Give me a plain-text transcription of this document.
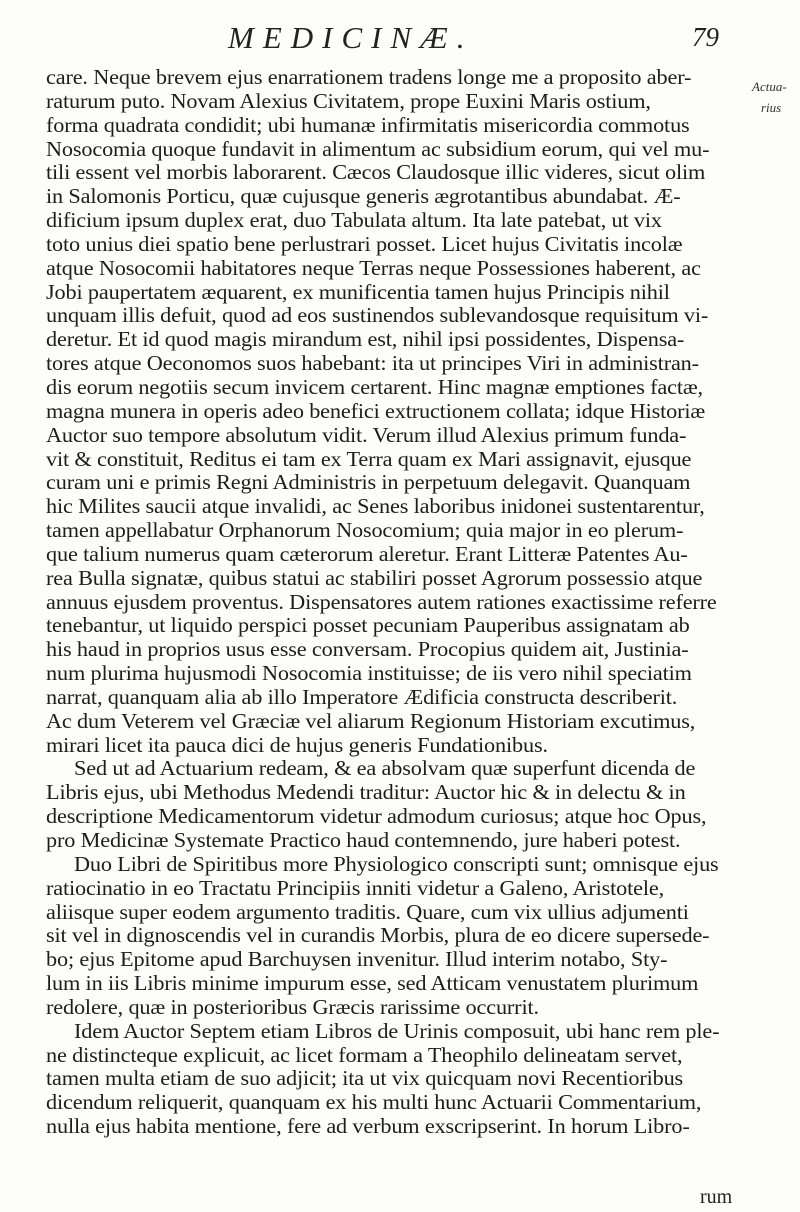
MEDICINÆ.	79
Actua-
rius
care. Neque brevem ejus enarrationem tradens longe me a proposito aber-
raturum puto. Novam Alexius Civitatem, prope Euxini Maris ostium,
forma quadrata condidit; ubi humanæ infirmitatis misericordia commotus
Nosocomia quoque fundavit in alimentum ac subsidium eorum, qui vel mu-
tili essent vel morbis laborarent. Cæcos Claudosque illic videres, sicut olim
in Salomonis Porticu, quæ cujusque generis ægrotantibus abundabat. Æ-
dificium ipsum duplex erat, duo Tabulata altum. Ita late patebat, ut vix
toto unius diei spatio bene perlustrari posset. Licet hujus Civitatis incolæ
atque Nosocomii habitatores neque Terras neque Possessiones haberent, ac
Jobi paupertatem æquarent, ex munificentia tamen hujus Principis nihil
unquam illis defuit, quod ad eos sustinendos sublevandosque requisitum vi-
deretur. Et id quod magis mirandum est, nihil ipsi possidentes, Dispensa-
tores atque Oeconomos suos habebant: ita ut principes Viri in administran-
dis eorum negotiis secum invicem certarent. Hinc magnæ emptiones factæ,
magna munera in operis adeo benefici extructionem collata; idque Historiæ
Auctor suo tempore absolutum vidit. Verum illud Alexius primum funda-
vit & constituit, Reditus ei tam ex Terra quam ex Mari assignavit, ejusque
curam uni e primis Regni Administris in perpetuum delegavit. Quanquam
hic Milites saucii atque invalidi, ac Senes laboribus inidonei sustentarentur,
tamen appellabatur Orphanorum Nosocomium; quia major in eo plerum-
que talium numerus quam cæterorum aleretur. Erant Litteræ Patentes Au-
rea Bulla signatæ, quibus statui ac stabiliri posset Agrorum possessio atque
annuus ejusdem proventus. Dispensatores autem rationes exactissime referre
tenebantur, ut liquido perspici posset pecuniam Pauperibus assignatam ab
his haud in proprios usus esse conversam. Procopius quidem ait, Justinia-
num plurima hujusmodi Nosocomia instituisse; de iis vero nihil speciatim
narrat, quanquam alia ab illo Imperatore Ædificia constructa describerit.
Ac dum Veterem vel Græciæ vel aliarum Regionum Historiam excutimus,
mirari licet ita pauca dici de hujus generis Fundationibus.
Sed ut ad Actuarium redeam, & ea absolvam quæ superfunt dicenda de
Libris ejus, ubi Methodus Medendi traditur: Auctor hic & in delectu & in
descriptione Medicamentorum videtur admodum curiosus; atque hoc Opus,
pro Medicinæ Systemate Practico haud contemnendo, jure haberi potest.
Duo Libri de Spiritibus more Physiologico conscripti sunt; omnisque ejus
ratiocinatio in eo Tractatu Principiis inniti videtur a Galeno, Aristotele,
aliisque super eodem argumento traditis. Quare, cum vix ullius adjumenti
sit vel in dignoscendis vel in curandis Morbis, plura de eo dicere supersede-
bo; ejus Epitome apud Barchuysen invenitur. Illud interim notabo, Sty-
lum in iis Libris minime impurum esse, sed Atticam venustatem plurimum
redolere, quæ in posterioribus Græcis rarissime occurrit.
Idem Auctor Septem etiam Libros de Urinis composuit, ubi hanc rem ple-
ne distincteque explicuit, ac licet formam a Theophilo delineatam servet,
tamen multa etiam de suo adjicit; ita ut vix quicquam novi Recentioribus
dicendum reliquerit, quanquam ex his multi hunc Actuarii Commentarium,
nulla ejus habita mentione, fere ad verbum exscripserint. In horum Libro-
rum
